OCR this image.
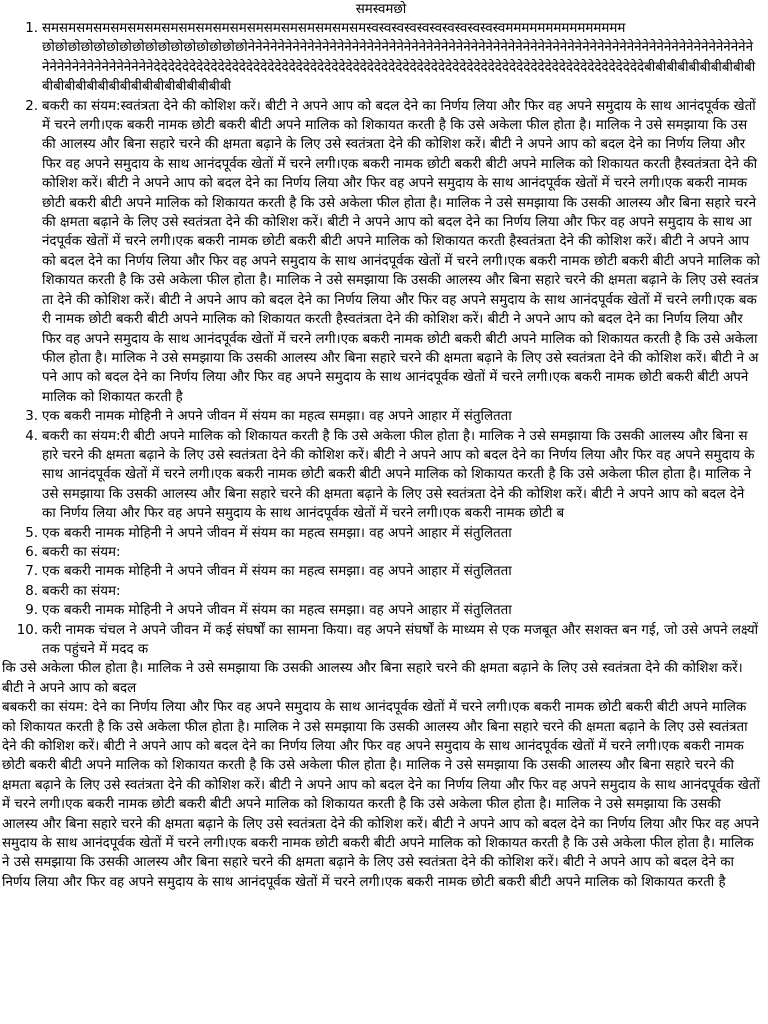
समस्वमछो
समसमसमसमसमसमसमसमसमसमसमसमसमसमसमसमसमसमसमस्वस्वस्वस्वस्वस्वस्वस्वस्वस्वस्वमममममममममममममममछोछोछोछोछोछोछोछोछोछोछोछोछोछोछोछोनेनेनेनेनेनेनेनेनेनेनेनेनेनेनेनेनेनेनेनेनेनेनेनेनेनेनेनेनेनेनेनेनेनेनेनेनेनेनेनेनेनेनेनेनेनेनेनेनेनेनेनेनेनेनेनेनेनेनेनेनेनेनेनेनेनेनेनेनेनेनेनेनेनेनेनेनेनेनेनेनेनेनेदेदेदेदेदेदेदेदेदेदेदेदेदेदेदेदेदेदेदेदेदेदेदेदेदेदेदेदेदेदेदेदेदेदेदेदेदेदेदेदेदेदेदेदेदेदेदेदेदेदेदेदेदेदेदेदेदेदेदेदेदेदेदेदेदेदेदेदेदेबीबीबीबीबीबीबीबीबीबीबीबीबीबीबीबीबीबीबीबीबीबीबीबीबीबीबी
बकरी का संयम:स्वतंत्रता देने की कोशिश करें। बीटी ने अपने आप को बदल देने का निर्णय लिया और फिर वह अपने समुदाय के साथ आनंदपूर्वक खेतों में चरने लगी।एक बकरी नामक छोटी बकरी बीटी अपने मालिक को शिकायत करती है कि उसे अकेला फील होता है। मालिक ने उसे समझाया कि उसकी आलस्य और बिना सहारे चरने की क्षमता बढ़ाने के लिए उसे स्वतंत्रता देने की कोशिश करें। बीटी ने अपने आप को बदल देने का निर्णय लिया और फिर वह अपने समुदाय के साथ आनंदपूर्वक खेतों में चरने लगी।एक बकरी नामक छोटी बकरी बीटी अपने मालिक को शिकायत करती हैस्वतंत्रता देने की कोशिश करें। बीटी ने अपने आप को बदल देने का निर्णय लिया और फिर वह अपने समुदाय के साथ आनंदपूर्वक खेतों में चरने लगी।एक बकरी नामक छोटी बकरी बीटी अपने मालिक को शिकायत करती है कि उसे अकेला फील होता है। मालिक ने उसे समझाया कि उसकी आलस्य और बिना सहारे चरने की क्षमता बढ़ाने के लिए उसे स्वतंत्रता देने की कोशिश करें। बीटी ने अपने आप को बदल देने का निर्णय लिया और फिर वह अपने समुदाय के साथ आनंदपूर्वक खेतों में चरने लगी।एक बकरी नामक छोटी बकरी बीटी अपने मालिक को शिकायत करती हैस्वतंत्रता देने की कोशिश करें। बीटी ने अपने आप को बदल देने का निर्णय लिया और फिर वह अपने समुदाय के साथ आनंदपूर्वक खेतों में चरने लगी।एक बकरी नामक छोटी बकरी बीटी अपने मालिक को शिकायत करती है कि उसे अकेला फील होता है। मालिक ने उसे समझाया कि उसकी आलस्य और बिना सहारे चरने की क्षमता बढ़ाने के लिए उसे स्वतंत्रता देने की कोशिश करें। बीटी ने अपने आप को बदल देने का निर्णय लिया और फिर वह अपने समुदाय के साथ आनंदपूर्वक खेतों में चरने लगी।एक बकरी नामक छोटी बकरी बीटी अपने मालिक को शिकायत करती हैस्वतंत्रता देने की कोशिश करें। बीटी ने अपने आप को बदल देने का निर्णय लिया और फिर वह अपने समुदाय के साथ आनंदपूर्वक खेतों में चरने लगी।एक बकरी नामक छोटी बकरी बीटी अपने मालिक को शिकायत करती है कि उसे अकेला फील होता है। मालिक ने उसे समझाया कि उसकी आलस्य और बिना सहारे चरने की क्षमता बढ़ाने के लिए उसे स्वतंत्रता देने की कोशिश करें। बीटी ने अपने आप को बदल देने का निर्णय लिया और फिर वह अपने समुदाय के साथ आनंदपूर्वक खेतों में चरने लगी।एक बकरी नामक छोटी बकरी बीटी अपने मालिक को शिकायत करती है
एक बकरी नामक मोहिनी ने अपने जीवन में संयम का महत्व समझा। वह अपने आहार में संतुलितता
बकरी का संयम:री बीटी अपने मालिक को शिकायत करती है कि उसे अकेला फील होता है। मालिक ने उसे समझाया कि उसकी आलस्य और बिना सहारे चरने की क्षमता बढ़ाने के लिए उसे स्वतंत्रता देने की कोशिश करें। बीटी ने अपने आप को बदल देने का निर्णय लिया और फिर वह अपने समुदाय के साथ आनंदपूर्वक खेतों में चरने लगी।एक बकरी नामक छोटी बकरी बीटी अपने मालिक को शिकायत करती है कि उसे अकेला फील होता है। मालिक ने उसे समझाया कि उसकी आलस्य और बिना सहारे चरने की क्षमता बढ़ाने के लिए उसे स्वतंत्रता देने की कोशिश करें। बीटी ने अपने आप को बदल देने का निर्णय लिया और फिर वह अपने समुदाय के साथ आनंदपूर्वक खेतों में चरने लगी।एक बकरी नामक छोटी ब
एक बकरी नामक मोहिनी ने अपने जीवन में संयम का महत्व समझा। वह अपने आहार में संतुलितता
बकरी का संयम:
एक बकरी नामक मोहिनी ने अपने जीवन में संयम का महत्व समझा। वह अपने आहार में संतुलितता
बकरी का संयम:
एक बकरी नामक मोहिनी ने अपने जीवन में संयम का महत्व समझा। वह अपने आहार में संतुलितता
करी नामक चंचल ने अपने जीवन में कई संघर्षों का सामना किया। वह अपने संघर्षों के माध्यम से एक मजबूत और सशक्त बन गई, जो उसे अपने लक्ष्यों तक पहुंचने में मदद क

कि उसे अकेला फील होता है। मालिक ने उसे समझाया कि उसकी आलस्य और बिना सहारे चरने की क्षमता बढ़ाने के लिए उसे स्वतंत्रता देने की कोशिश करें। बीटी ने अपने आप को बदल

बबकरी का संयम: देने का निर्णय लिया और फिर वह अपने समुदाय के साथ आनंदपूर्वक खेतों में चरने लगी।एक बकरी नामक छोटी बकरी बीटी अपने मालिक को शिकायत करती है कि उसे अकेला फील होता है। मालिक ने उसे समझाया कि उसकी आलस्य और बिना सहारे चरने की क्षमता बढ़ाने के लिए उसे स्वतंत्रता देने की कोशिश करें। बीटी ने अपने आप को बदल देने का निर्णय लिया और फिर वह अपने समुदाय के साथ आनंदपूर्वक खेतों में चरने लगी।एक बकरी नामक छोटी बकरी बीटी अपने मालिक को शिकायत करती है कि उसे अकेला फील होता है। मालिक ने उसे समझाया कि उसकी आलस्य और बिना सहारे चरने की क्षमता बढ़ाने के लिए उसे स्वतंत्रता देने की कोशिश करें। बीटी ने अपने आप को बदल देने का निर्णय लिया और फिर वह अपने समुदाय के साथ आनंदपूर्वक खेतों में चरने लगी।एक बकरी नामक छोटी बकरी बीटी अपने मालिक को शिकायत करती है कि उसे अकेला फील होता है। मालिक ने उसे समझाया कि उसकी आलस्य और बिना सहारे चरने की क्षमता बढ़ाने के लिए उसे स्वतंत्रता देने की कोशिश करें। बीटी ने अपने आप को बदल देने का निर्णय लिया और फिर वह अपने समुदाय के साथ आनंदपूर्वक खेतों में चरने लगी।एक बकरी नामक छोटी बकरी बीटी अपने मालिक को शिकायत करती है कि उसे अकेला फील होता है। मालिक ने उसे समझाया कि उसकी आलस्य और बिना सहारे चरने की क्षमता बढ़ाने के लिए उसे स्वतंत्रता देने की कोशिश करें। बीटी ने अपने आप को बदल देने का निर्णय लिया और फिर वह अपने समुदाय के साथ आनंदपूर्वक खेतों में चरने लगी।एक बकरी नामक छोटी बकरी बीटी अपने मालिक को शिकायत करती है
